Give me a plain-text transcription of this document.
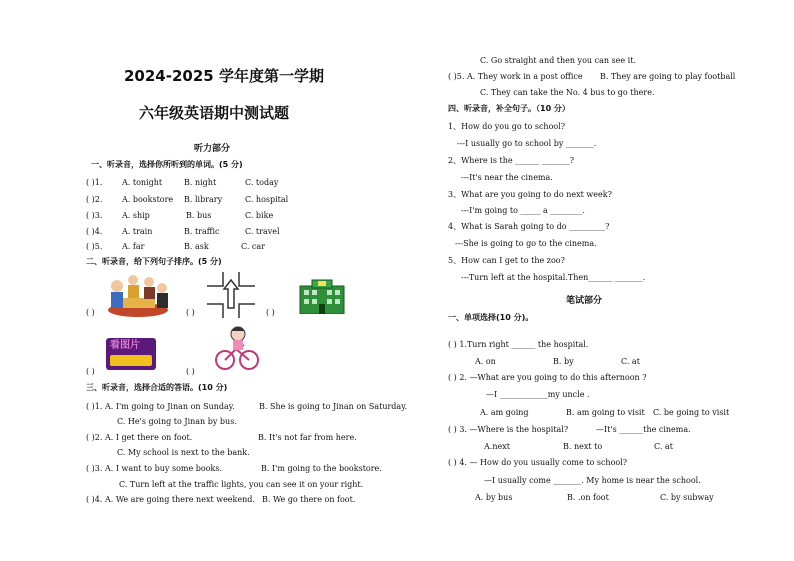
2024-2025 学年度第一学期
六年级英语期中测试题
听力部分
一、听录音，选择你所听到的单词。(5 分)
( )1. A. tonight	B. night	C. today
( )2. A. bookstore B. library	C. hospital
( )3. A. ship	B. bus	C. bike
( )4. A. train	B. traffic	C. travel
( )5. A. far	B. ask	C. car
二、听录音，给下列句子排序。(5 分)
( )	( )	( )
看图片
( )	( )
三、听录音，选择合适的答语。(10 分)
( )1. A. I'm going to Jinan on Sunday.	B. She is going to Jinan on Saturday.
C. He's going to Jinan by bus.
( )2. A. I get there on foot.	B. It's not far from here.
C. My school is next to the bank.
( )3. A. I want to buy some books.	B. I'm going to the bookstore.
C. Turn left at the traffic lights, you can see it on your right.
( )4. A. We are going there next weekend. B. We go there on foot.
C. Go straight and then you can see it.
( )5. A. They work in a post office B. They are going to play football
C. They can take the No. 4 bus to go there.
四、听录音，补全句子。（10 分）
1、How do you go to school?
---I usually go to school by _______.
2、Where is the ______ _______?
---It's near the cinema.
3、What are you going to do next week?
---I'm going to _____ a ________.
4、What is Sarah going to do _________?
---She is going to go to the cinema.
5、How can I get to the zoo?
---Turn left at the hospital.Then______ _______.
笔试部分
一、单项选择(10 分)。
( ) 1.Turn right ______ the hospital.
A. on	B. by	C. at
( ) 2. —What are you going to do this afternoon ?
—I ____________my uncle .
A. am going	B. am going to visit C. be going to visit
( ) 3. —Where is the hospital?	—It's ______the cinema.
A.next	B. next to	C. at
( ) 4. — How do you usually come to school?
—I usually come _______. My home is near the school.
A. by bus	B. .on foot	C. by subway
